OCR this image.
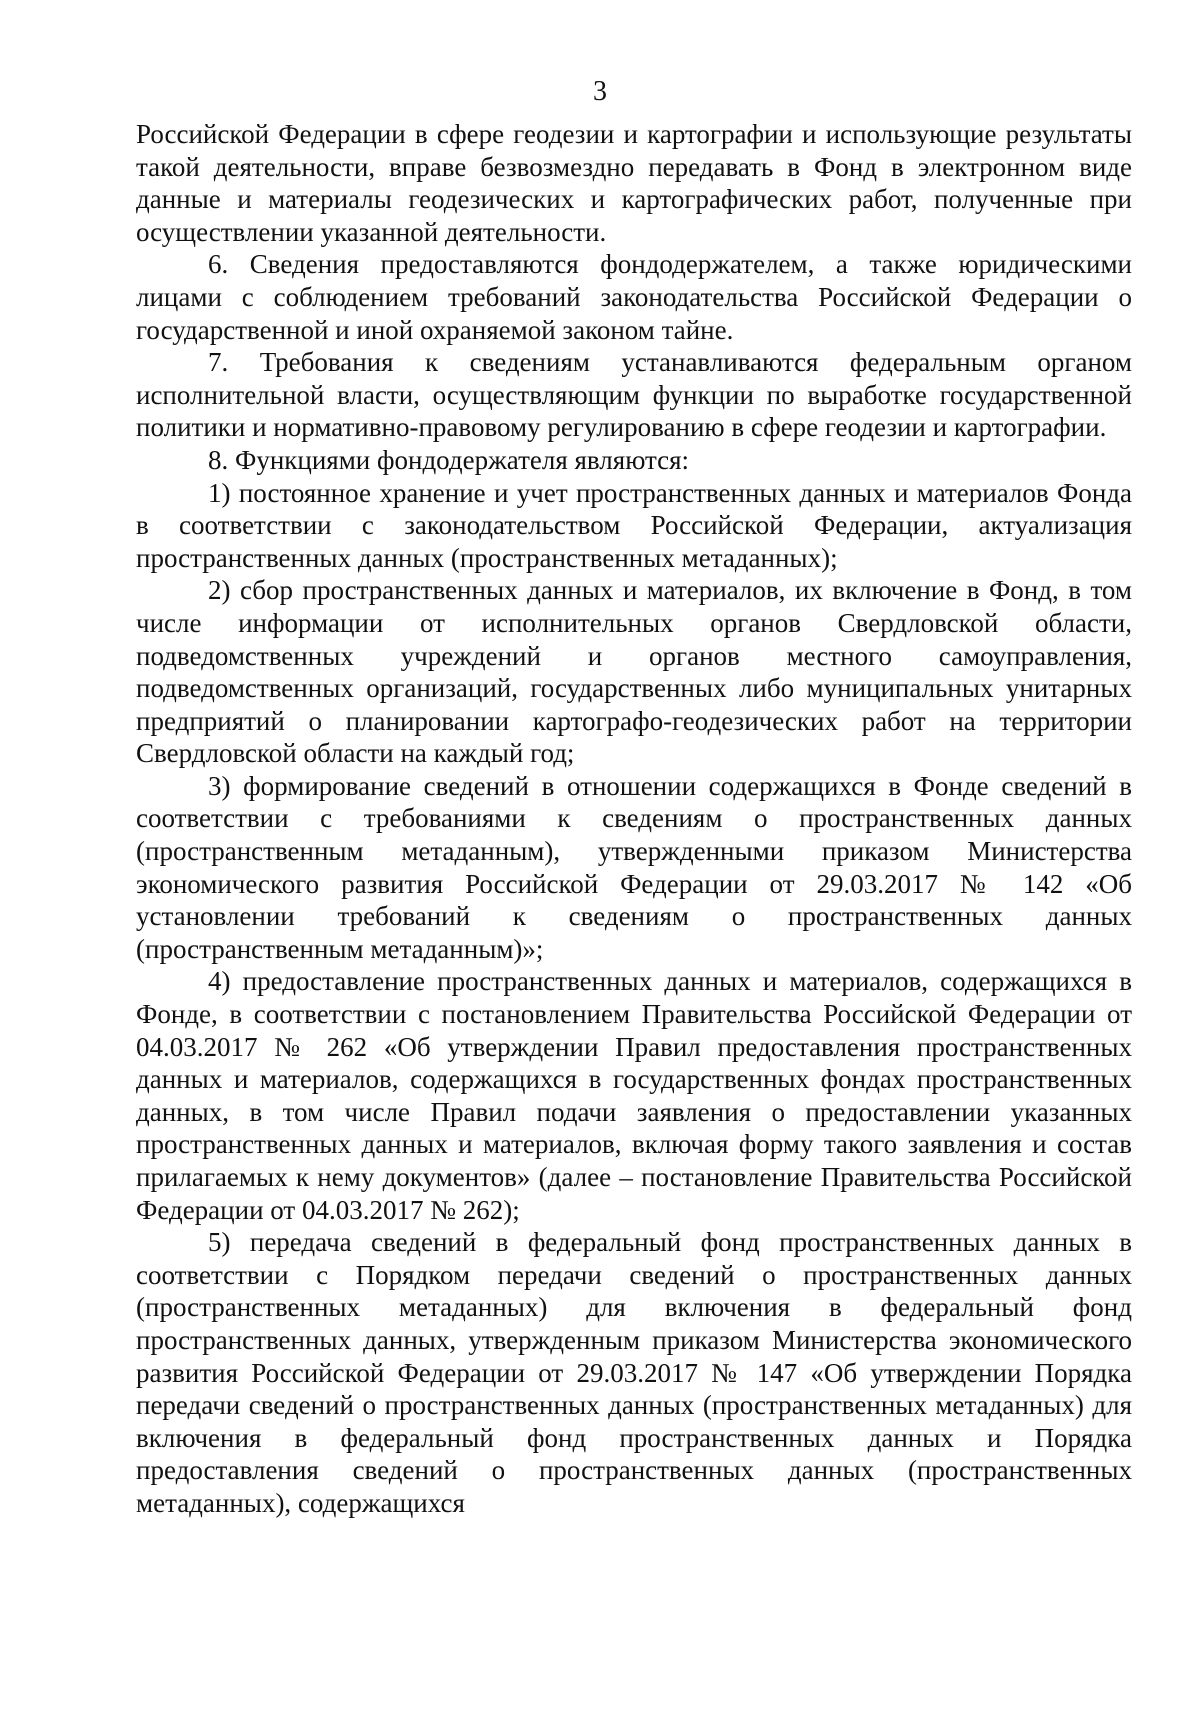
3

Российской Федерации в сфере геодезии и картографии и использующие результаты такой деятельности, вправе безвозмездно передавать в Фонд в электронном виде данные и материалы геодезических и картографических работ, полученные при осуществлении указанной деятельности.

6. Сведения предоставляются фондодержателем, а также юридическими лицами с соблюдением требований законодательства Российской Федерации о государственной и иной охраняемой законом тайне.

7. Требования к сведениям устанавливаются федеральным органом исполнительной власти, осуществляющим функции по выработке государственной политики и нормативно-правовому регулированию в сфере геодезии и картографии.

8. Функциями фондодержателя являются:

1) постоянное хранение и учет пространственных данных и материалов Фонда в соответствии с законодательством Российской Федерации, актуализация пространственных данных (пространственных метаданных);

2) сбор пространственных данных и материалов, их включение в Фонд, в том числе информации от исполнительных органов Свердловской области, подведомственных учреждений и органов местного самоуправления, подведомственных организаций, государственных либо муниципальных унитарных предприятий о планировании картографо-геодезических работ на территории Свердловской области на каждый год;

3) формирование сведений в отношении содержащихся в Фонде сведений в соответствии с требованиями к сведениям о пространственных данных (пространственным метаданным), утвержденными приказом Министерства экономического развития Российской Федерации от 29.03.2017 № 142 «Об установлении требований к сведениям о пространственных данных (пространственным метаданным)»;

4) предоставление пространственных данных и материалов, содержащихся в Фонде, в соответствии с постановлением Правительства Российской Федерации от 04.03.2017 № 262 «Об утверждении Правил предоставления пространственных данных и материалов, содержащихся в государственных фондах пространственных данных, в том числе Правил подачи заявления о предоставлении указанных пространственных данных и материалов, включая форму такого заявления и состав прилагаемых к нему документов» (далее – постановление Правительства Российской Федерации от 04.03.2017 № 262);

5) передача сведений в федеральный фонд пространственных данных в соответствии с Порядком передачи сведений о пространственных данных (пространственных метаданных) для включения в федеральный фонд пространственных данных, утвержденным приказом Министерства экономического развития Российской Федерации от 29.03.2017 № 147 «Об утверждении Порядка передачи сведений о пространственных данных (пространственных метаданных) для включения в федеральный фонд пространственных данных и Порядка предоставления сведений о пространственных данных (пространственных метаданных), содержащихся
